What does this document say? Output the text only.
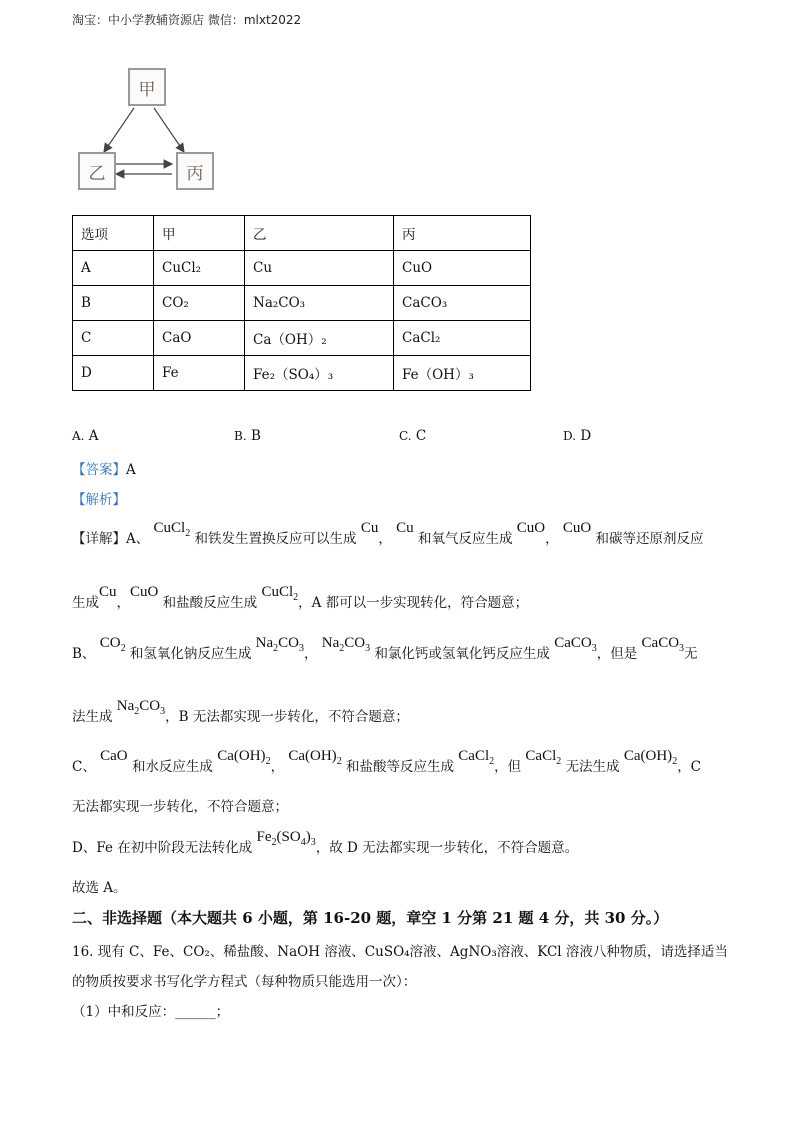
淘宝：中小学教辅资源店 微信：mlxt2022
甲
乙	丙
选项	甲	乙	丙
A	CuCl₂	Cu	CuO
B	CO₂	Na₂CO₃	CaCO₃
C	CaO	Ca（OH）₂	CaCl₂
D	Fe	Fe₂（SO₄）₃	Fe（OH）₃
A. A	B. B	C. C	D. D
【答案】A
【解析】
【详解】A、 CuCl$_2$ 和铁发生置换反应可以生成 Cu， Cu 和氧气反应生成 CuO， CuO 和碳等还原剂反应
生成Cu，CuO 和盐酸反应生成 CuCl$_2$，A 都可以一步实现转化，符合题意；
B、 $CO_2$ 和氢氧化钠反应生成 $Na_2CO_3$， $Na_2CO_3$ 和氯化钙或氢氧化钙反应生成 CaCO$_3$，但是 CaCO$_3$无
法生成 $Na_2CO_3$，B 无法都实现一步转化，不符合题意；
C、 CaO 和水反应生成 $Ca(OH)_2$， $Ca(OH)_2$ 和盐酸等反应生成 CaCl$_2$，但 CaCl$_2$ 无法生成 $Ca(OH)_2$，C
无法都实现一步转化，不符合题意；
D、Fe 在初中阶段无法转化成 $Fe_2(SO_4)_3$，故 D 无法都实现一步转化，不符合题意。
故选 A。
二、非选择题（本大题共 6 小题，第 16-20 题，章空 1 分第 21 题 4 分，共 30 分。）
16. 现有 C、Fe、CO₂、稀盐酸、NaOH 溶液、CuSO₄溶液、AgNO₃溶液、KCl 溶液八种物质，请选择适当
的物质按要求书写化学方程式（每种物质只能选用一次）：
（1）中和反应：______；
